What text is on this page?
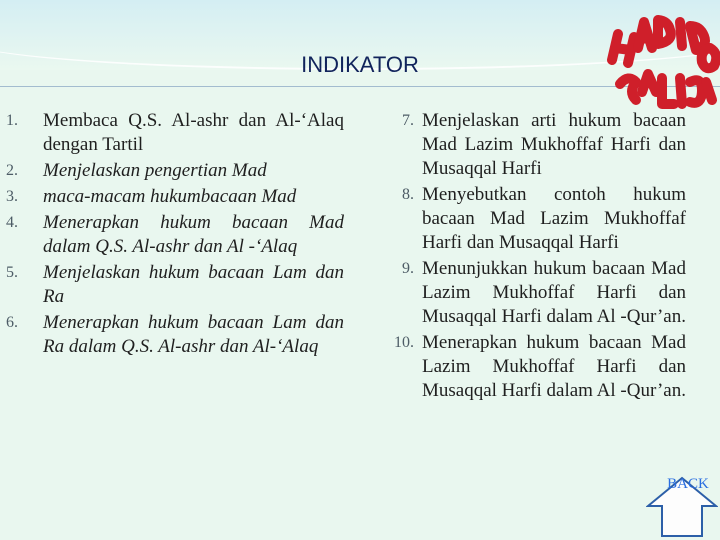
INDIKATOR
1.	Membaca Q.S. Al-ashr dan Al-‘Alaq dengan Tartil
2.	Menjelaskan pengertian Mad
3.	maca-macam hukumbacaan Mad
4.	Menerapkan hukum bacaan Mad dalam Q.S. Al-ashr dan Al -‘Alaq
5.	Menjelaskan hukum bacaan Lam dan Ra
6.	Menerapkan hukum bacaan Lam dan Ra dalam Q.S. Al-ashr dan Al-‘Alaq
7. Menjelaskan arti hukum bacaan Mad Lazim Mukhoffaf Harfi dan Musaqqal Harfi
8. Menyebutkan contoh hukum bacaan Mad Lazim Mukhoffaf Harfi dan Musaqqal Harfi
9. Menunjukkan hukum bacaan Mad Lazim Mukhoffaf Harfi dan Musaqqal Harfi dalam Al -Qur’an.
10. Menerapkan hukum bacaan Mad Lazim Mukhoffaf Harfi dan Musaqqal Harfi dalam Al -Qur’an.
BACK
